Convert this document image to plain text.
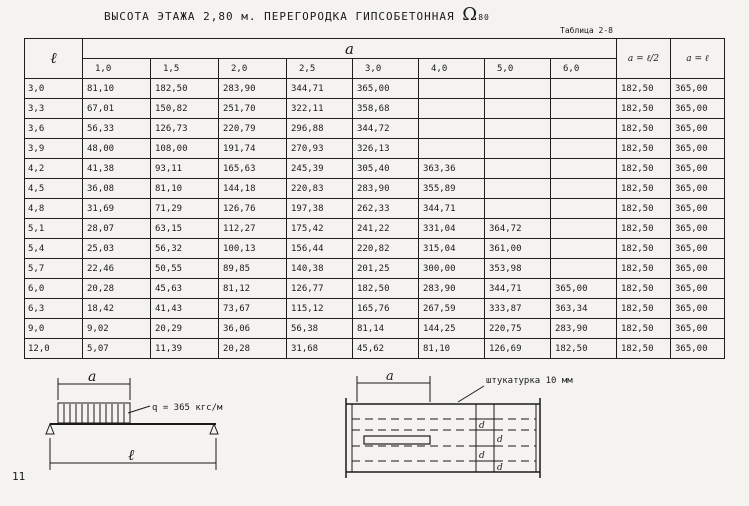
ВЫСОТА ЭТАЖА 2,80 м. ПЕРЕГОРОДКА ГИПСОБЕТОННАЯ Ω80
Таблица 2-8
ℓ	a								a = ℓ/2	a = ℓ
	1,0	1,5	2,0	2,5	3,0	4,0	5,0	6,0		
3,0	81,10	182,50	283,90	344,71	365,00				182,50	365,00
3,3	67,01	150,82	251,70	322,11	358,68				182,50	365,00
3,6	56,33	126,73	220,79	296,88	344,72				182,50	365,00
3,9	48,00	108,00	191,74	270,93	326,13				182,50	365,00
4,2	41,38	93,11	165,63	245,39	305,40	363,36			182,50	365,00
4,5	36,08	81,10	144,18	220,83	283,90	355,89			182,50	365,00
4,8	31,69	71,29	126,76	197,38	262,33	344,71			182,50	365,00
5,1	28,07	63,15	112,27	175,42	241,22	331,04	364,72		182,50	365,00
5,4	25,03	56,32	100,13	156,44	220,82	315,04	361,00		182,50	365,00
5,7	22,46	50,55	89,85	140,38	201,25	300,00	353,98		182,50	365,00
6,0	20,28	45,63	81,12	126,77	182,50	283,90	344,71	365,00	182,50	365,00
6,3	18,42	41,43	73,67	115,12	165,76	267,59	333,87	363,34	182,50	365,00
9,0	9,02	20,29	36,06	56,38	81,14	144,25	220,75	283,90	182,50	365,00
12,0	5,07	11,39	20,28	31,68	45,62	81,10	126,69	182,50	182,50	365,00
a
q = 365 кгс/м
ℓ
a	штукатурка 10 мм
d
d
d
d
11
